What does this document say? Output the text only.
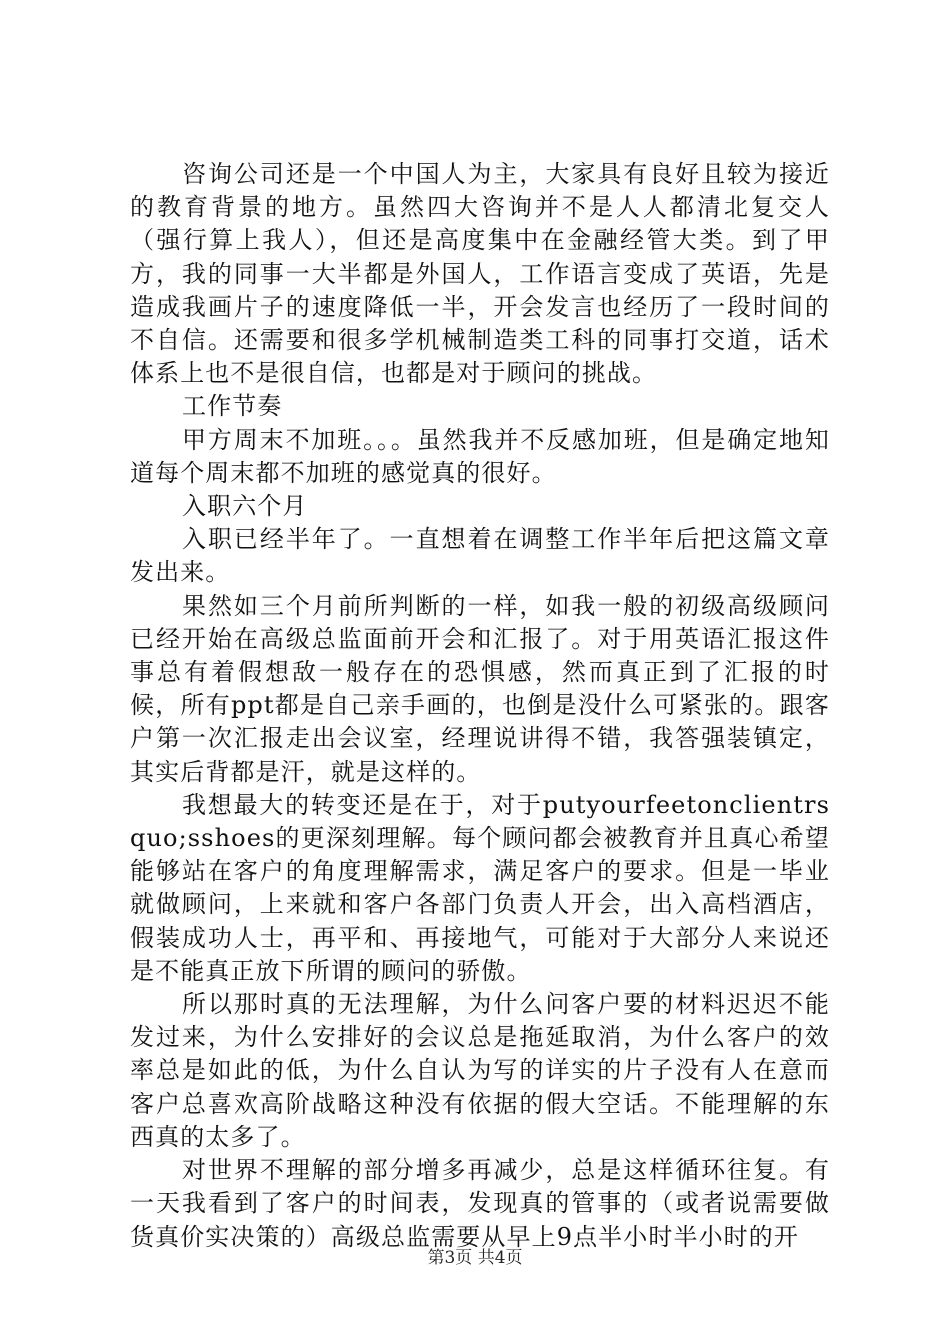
咨询公司还是一个中国人为主，大家具有良好且较为接近的教育背景的地方。虽然四大咨询并不是人人都清北复交人（强行算上我人），但还是高度集中在金融经管大类。到了甲方，我的同事一大半都是外国人，工作语言变成了英语，先是造成我画片子的速度降低一半，开会发言也经历了一段时间的不自信。还需要和很多学机械制造类工科的同事打交道，话术体系上也不是很自信，也都是对于顾问的挑战。

工作节奏

甲方周末不加班。。。虽然我并不反感加班，但是确定地知道每个周末都不加班的感觉真的很好。

入职六个月

入职已经半年了。一直想着在调整工作半年后把这篇文章发出来。

果然如三个月前所判断的一样，如我一般的初级高级顾问已经开始在高级总监面前开会和汇报了。对于用英语汇报这件事总有着假想敌一般存在的恐惧感，然而真正到了汇报的时候，所有ppt都是自己亲手画的，也倒是没什么可紧张的。跟客户第一次汇报走出会议室，经理说讲得不错，我答强装镇定，其实后背都是汗，就是这样的。

我想最大的转变还是在于，对于putyourfeetonclientrsquo;sshoes的更深刻理解。每个顾问都会被教育并且真心希望能够站在客户的角度理解需求，满足客户的要求。但是一毕业就做顾问，上来就和客户各部门负责人开会，出入高档酒店，假装成功人士，再平和、再接地气，可能对于大部分人来说还是不能真正放下所谓的顾问的骄傲。

所以那时真的无法理解，为什么问客户要的材料迟迟不能发过来，为什么安排好的会议总是拖延取消，为什么客户的效率总是如此的低，为什么自认为写的详实的片子没有人在意而客户总喜欢高阶战略这种没有依据的假大空话。不能理解的东西真的太多了。

对世界不理解的部分增多再减少，总是这样循环往复。有一天我看到了客户的时间表，发现真的管事的（或者说需要做货真价实决策的）高级总监需要从早上9点半小时半小时的开

第3页 共4页
